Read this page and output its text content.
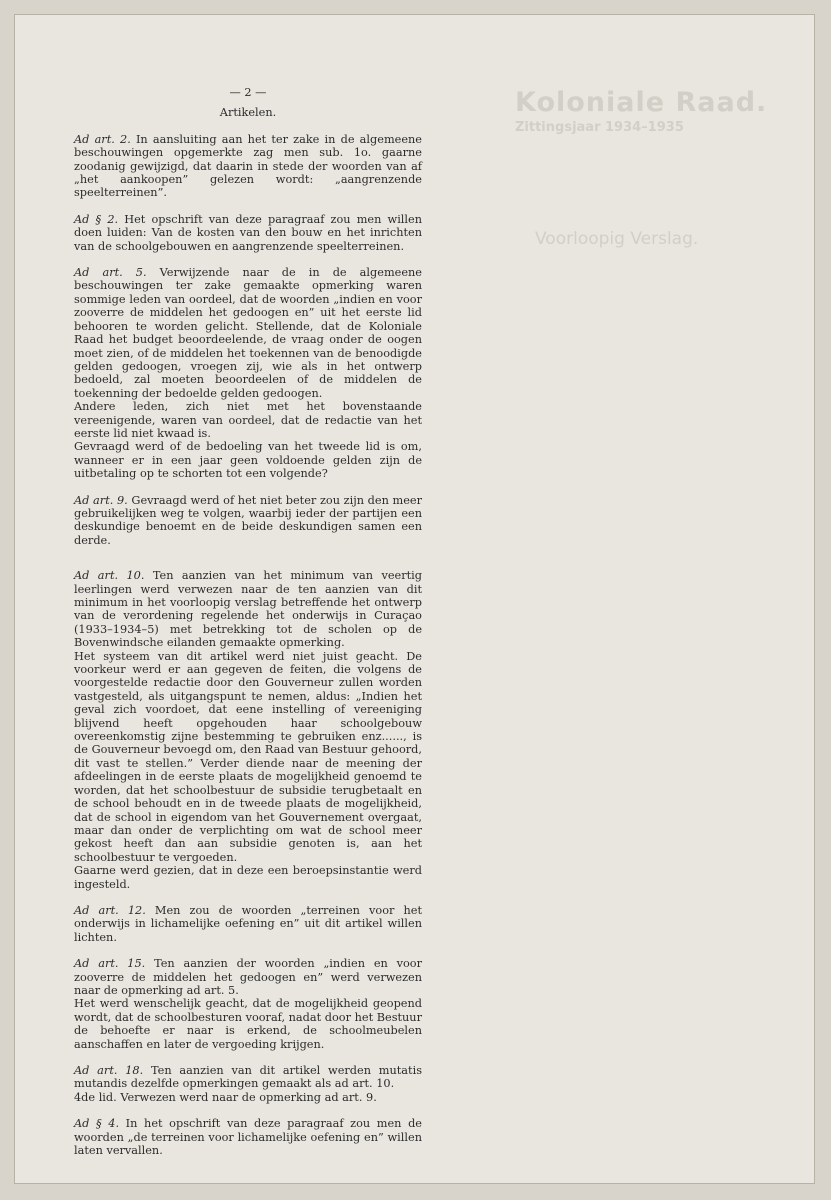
Koloniale Raad.
Zittingsjaar 1934–1935
Voorloopig Verslag.
— 2 —
Artikelen.

Ad art. 2. In aansluiting aan het ter zake in de algemeene beschouwingen opgemerkte zag men sub. 1o. gaarne zoodanig gewijzigd, dat daarin in stede der woorden van af „het aankoopen” gelezen wordt: „aangrenzende speelterreinen”.

Ad § 2. Het opschrift van deze paragraaf zou men willen doen luiden: Van de kosten van den bouw en het inrichten van de schoolgebouwen en aangrenzende speelterreinen.

Ad art. 5. Verwijzende naar de in de algemeene beschouwingen ter zake gemaakte opmerking waren sommige leden van oordeel, dat de woorden „indien en voor zooverre de middelen het gedoogen en” uit het eerste lid behooren te worden gelicht. Stellende, dat de Koloniale Raad het budget beoordeelende, de vraag onder de oogen moet zien, of de middelen het toekennen van de benoodigde gelden gedoogen, vroegen zij, wie als in het ontwerp bedoeld, zal moeten beoordeelen of de middelen de toekenning der bedoelde gelden gedoogen.

Andere leden, zich niet met het bovenstaande vereenigende, waren van oordeel, dat de redactie van het eerste lid niet kwaad is.

Gevraagd werd of de bedoeling van het tweede lid is om, wanneer er in een jaar geen voldoende gelden zijn de uitbetaling op te schorten tot een volgende?

Ad art. 9. Gevraagd werd of het niet beter zou zijn den meer gebruikelijken weg te volgen, waarbij ieder der partijen een deskundige benoemt en de beide deskundigen samen een derde.

Ad art. 10. Ten aanzien van het minimum van veertig leerlingen werd verwezen naar de ten aanzien van dit minimum in het voorloopig verslag betreffende het ontwerp van de verordening regelende het onderwijs in Curaçao (1933–1934–5) met betrekking tot de scholen op de Bovenwindsche eilanden gemaakte opmerking.

Het systeem van dit artikel werd niet juist geacht. De voorkeur werd er aan gegeven de feiten, die volgens de voorgestelde redactie door den Gouverneur zullen worden vastgesteld, als uitgangspunt te nemen, aldus: „Indien het geval zich voordoet, dat eene instelling of vereeniging blijvend heeft opgehouden haar schoolgebouw overeenkomstig zijne bestemming te gebruiken enz......, is de Gouverneur bevoegd om, den Raad van Bestuur gehoord, dit vast te stellen.” Verder diende naar de meening der afdeelingen in de eerste plaats de mogelijkheid genoemd te worden, dat het schoolbestuur de subsidie terugbetaalt en de school behoudt en in de tweede plaats de mogelijkheid, dat de school in eigendom van het Gouvernement overgaat, maar dan onder de verplichting om wat de school meer gekost heeft dan aan subsidie genoten is, aan het schoolbestuur te vergoeden.

Gaarne werd gezien, dat in deze een beroepsinstantie werd ingesteld.

Ad art. 12. Men zou de woorden „terreinen voor het onderwijs in lichamelijke oefening en” uit dit artikel willen lichten.

Ad art. 15. Ten aanzien der woorden „indien en voor zooverre de middelen het gedoogen en” werd verwezen naar de opmerking ad art. 5.

Het werd wenschelijk geacht, dat de mogelijkheid geopend wordt, dat de schoolbesturen vooraf, nadat door het Bestuur de behoefte er naar is erkend, de schoolmeubelen aanschaffen en later de vergoeding krijgen.

Ad art. 18. Ten aanzien van dit artikel werden mutatis mutandis dezelfde opmerkingen gemaakt als ad art. 10.

4de lid. Verwezen werd naar de opmerking ad art. 9.

Ad § 4. In het opschrift van deze paragraaf zou men de woorden „de terreinen voor lichamelijke oefening en” willen laten vervallen.
